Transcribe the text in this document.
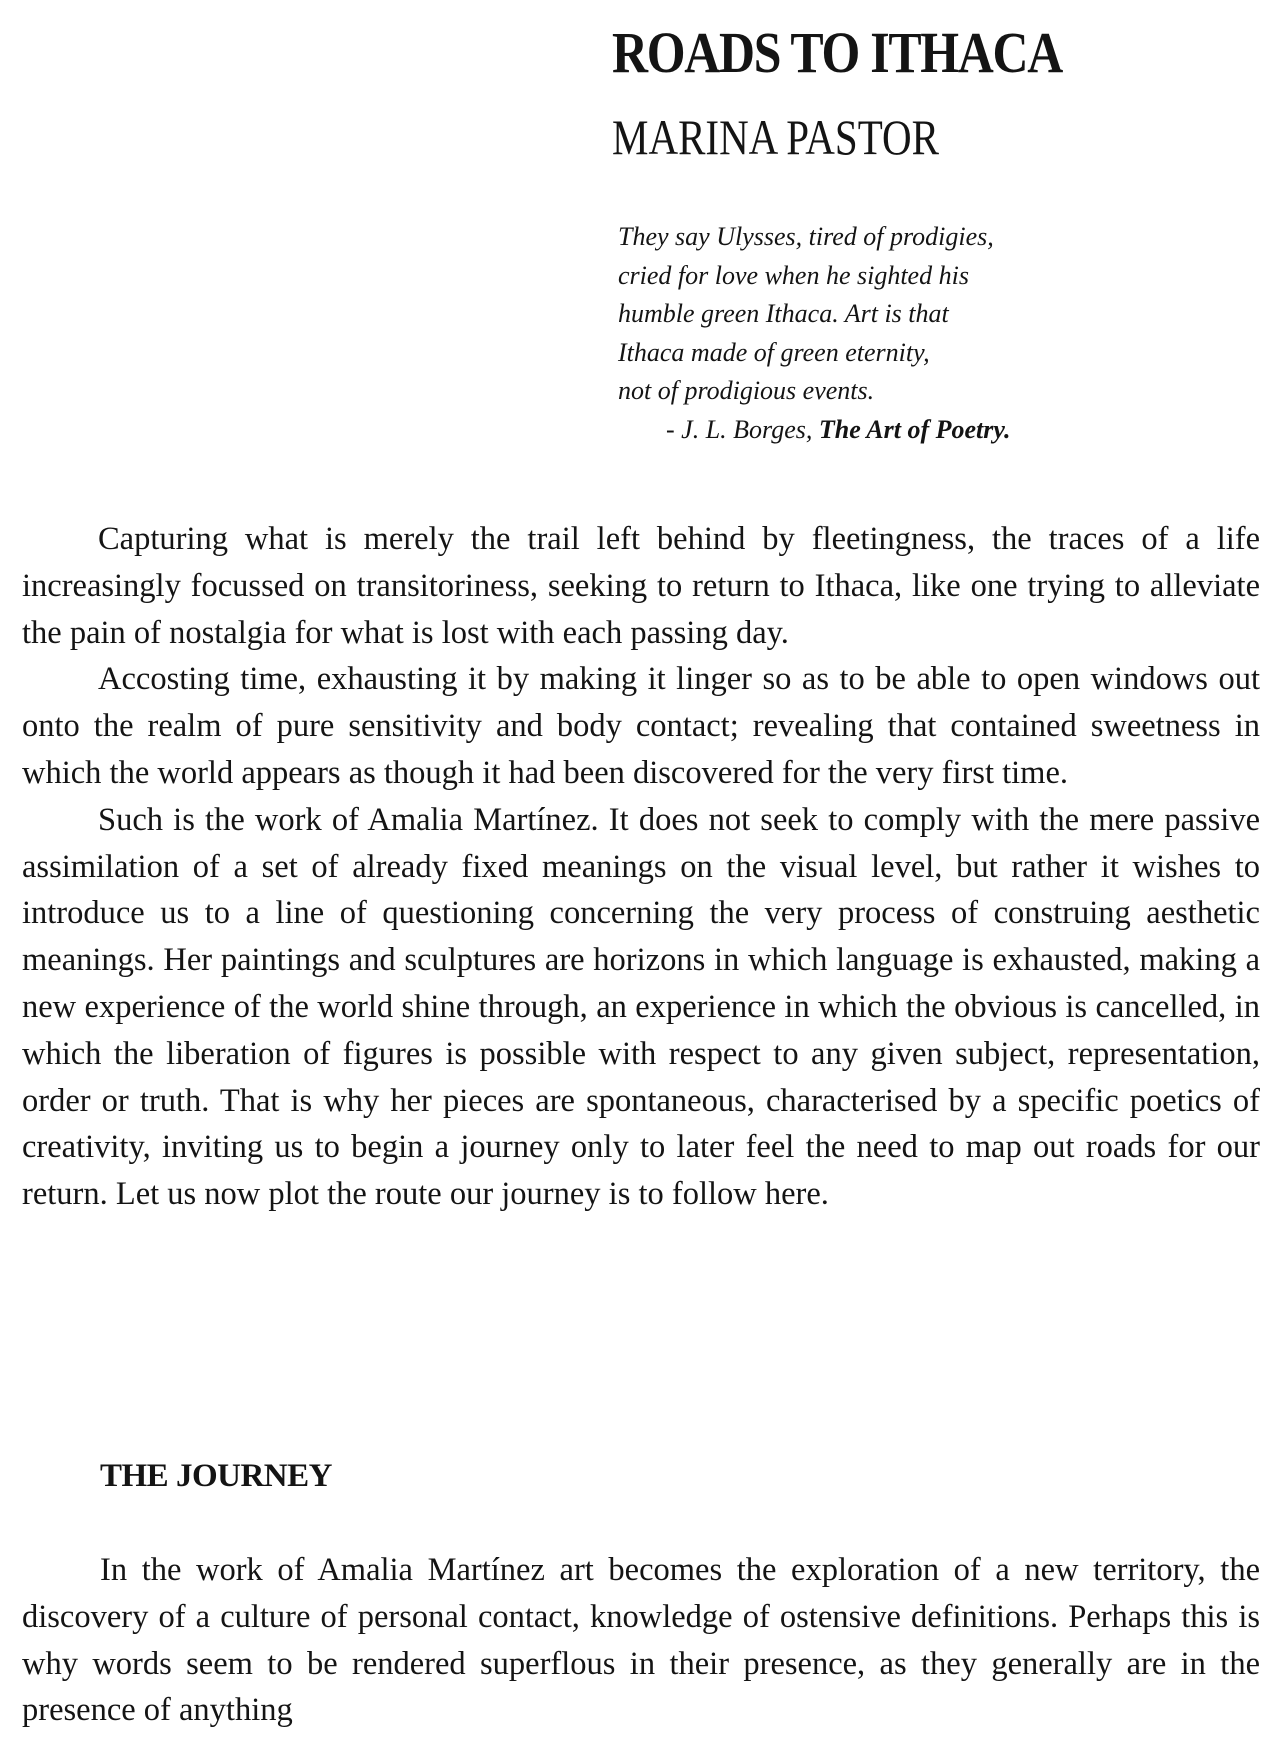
ROADS TO ITHACA
MARINA PASTOR
They say Ulysses, tired of prodigies,
cried for love when he sighted his
humble green Ithaca. Art is that
Ithaca made of green eternity,
not of prodigious events.
- J. L. Borges, The Art of Poetry.

Capturing what is merely the trail left behind by fleetingness, the traces of a life increasingly focussed on transitoriness, seeking to return to Ithaca, like one trying to alleviate the pain of nostalgia for what is lost with each passing day.

Accosting time, exhausting it by making it linger so as to be able to open windows out onto the realm of pure sensitivity and body contact; revealing that contained sweetness in which the world appears as though it had been discovered for the very first time.

Such is the work of Amalia Martínez. It does not seek to comply with the mere passive assimilation of a set of already fixed meanings on the visual level, but rather it wishes to introduce us to a line of questioning concerning the very process of construing aesthetic meanings. Her paintings and sculptures are horizons in which language is exhausted, making a new experience of the world shine through, an experience in which the obvious is cancelled, in which the liberation of figures is possible with respect to any given subject, representation, order or truth. That is why her pieces are spontaneous, characterised by a specific poetics of creativity, inviting us to begin a journey only to later feel the need to map out roads for our return. Let us now plot the route our journey is to follow here.

THE JOURNEY

In the work of Amalia Martínez art becomes the exploration of a new territory, the discovery of a culture of personal contact, knowledge of ostensive definitions. Perhaps this is why words seem to be rendered superflous in their presence, as they generally are in the presence of anything
